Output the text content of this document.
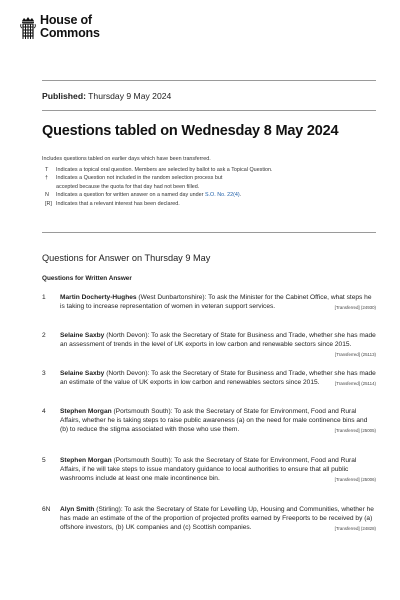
House of
Commons
Published: Thursday 9 May 2024
Questions tabled on Wednesday 8 May 2024
Includes questions tabled on earlier days which have been transferred.
T	Indicates a topical oral question. Members are selected by ballot to ask a Topical Question.
†	Indicates a Question not included in the random selection process but
accepted because the quota for that day had not been filled.
N	Indicates a question for written answer on a named day under S.O. No. 22(4).
[R] Indicates that a relevant interest has been declared.
Questions for Answer on Thursday 9 May
Questions for Written Answer
1	Martin Docherty-Hughes (West Dunbartonshire): To ask the Minister for the Cabinet Office, what steps he is taking to increase representation of women in veteran support services.	[Transferred] (24930)
2	Selaine Saxby (North Devon): To ask the Secretary of State for Business and Trade, whether she has made an assessment of trends in the level of UK exports in low carbon and renewable sectors since 2015.
[Transferred] (25113)
3	Selaine Saxby (North Devon): To ask the Secretary of State for Business and Trade, whether she has made an estimate of the value of UK exports in low carbon and renewables sectors since 2015.	[Transferred] (25114)
4	Stephen Morgan (Portsmouth South): To ask the Secretary of State for Environment, Food and Rural Affairs, whether he is taking steps to raise public awareness (a) on the need for male continence bins and (b) to reduce the stigma associated with those who use them.	[Transferred] (25005)
5	Stephen Morgan (Portsmouth South): To ask the Secretary of State for Environment, Food and Rural Affairs, if he will take steps to issue mandatory guidance to local authorities to ensure that all public washrooms include at least one male incontinence bin.	[Transferred] (25006)
6N	Alyn Smith (Stirling): To ask the Secretary of State for Levelling Up, Housing and Communities, whether he has made an estimate of the of the proportion of projected profits earned by Freeports to be received by (a) offshore investors, (b) UK companies and (c) Scottish companies.	[Transferred] (24828)
